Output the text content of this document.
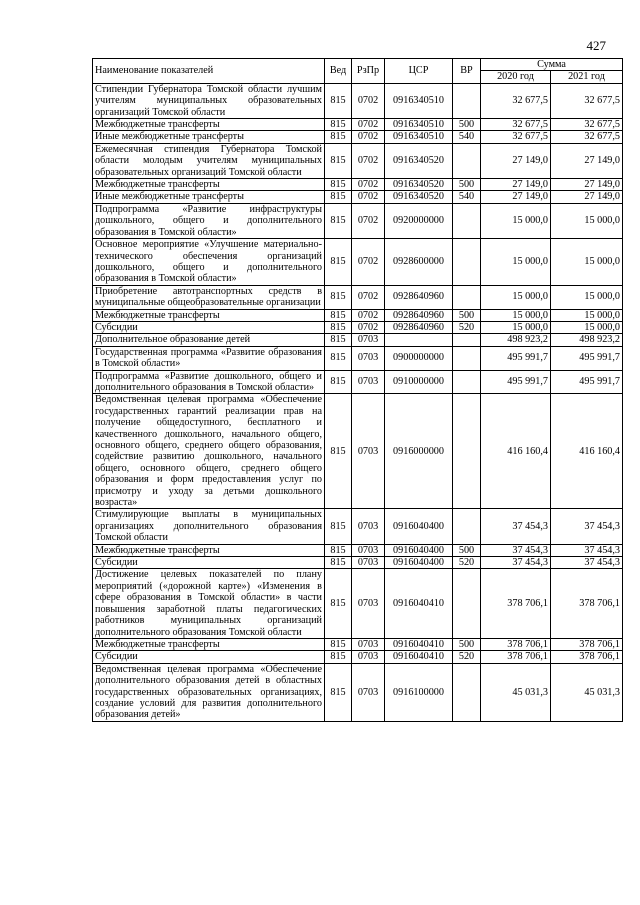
427
Наименование показателей	Вед	РзПр	ЦСР	ВР	Сумма	
					2020 год	2021 год
Стипендии Губернатора Томской области лучшим учителям муниципальных образовательных организаций Томской области	815	0702	0916340510		32 677,5	32 677,5
Межбюджетные трансферты	815	0702	0916340510	500	32 677,5	32 677,5
Иные межбюджетные трансферты	815	0702	0916340510	540	32 677,5	32 677,5
Ежемесячная стипендия Губернатора Томской области молодым учителям муниципальных образовательных организаций Томской области	815	0702	0916340520		27 149,0	27 149,0
Межбюджетные трансферты	815	0702	0916340520	500	27 149,0	27 149,0
Иные межбюджетные трансферты	815	0702	0916340520	540	27 149,0	27 149,0
Подпрограмма «Развитие инфраструктуры дошкольного, общего и дополнительного образования в Томской области»	815	0702	0920000000		15 000,0	15 000,0
Основное мероприятие «Улучшение материально-технического обеспечения организаций дошкольного, общего и дополнительного образования в Томской области»	815	0702	0928600000		15 000,0	15 000,0
Приобретение автотранспортных средств в муниципальные общеобразовательные организации	815	0702	0928640960		15 000,0	15 000,0
Межбюджетные трансферты	815	0702	0928640960	500	15 000,0	15 000,0
Субсидии	815	0702	0928640960	520	15 000,0	15 000,0
Дополнительное образование детей	815	0703			498 923,2	498 923,2
Государственная программа «Развитие образования в Томской области»	815	0703	0900000000		495 991,7	495 991,7
Подпрограмма «Развитие дошкольного, общего и дополнительного образования в Томской области»	815	0703	0910000000		495 991,7	495 991,7
Ведомственная целевая программа «Обеспечение государственных гарантий реализации прав на получение общедоступного, бесплатного и качественного дошкольного, начального общего, основного общего, среднего общего образования, содействие развитию дошкольного, начального общего, основного общего, среднего общего образования и форм предоставления услуг по присмотру и уходу за детьми дошкольного возраста»	815	0703	0916000000		416 160,4	416 160,4
Стимулирующие выплаты в муниципальных организациях дополнительного образования Томской области	815	0703	0916040400		37 454,3	37 454,3
Межбюджетные трансферты	815	0703	0916040400	500	37 454,3	37 454,3
Субсидии	815	0703	0916040400	520	37 454,3	37 454,3
Достижение целевых показателей по плану мероприятий («дорожной карте») «Изменения в сфере образования в Томской области» в части повышения заработной платы педагогических работников муниципальных организаций дополнительного образования Томской области	815	0703	0916040410		378 706,1	378 706,1
Межбюджетные трансферты	815	0703	0916040410	500	378 706,1	378 706,1
Субсидии	815	0703	0916040410	520	378 706,1	378 706,1
Ведомственная целевая программа «Обеспечение дополнительного образования детей в областных государственных образовательных организациях, создание условий для развития дополнительного образования детей»	815	0703	0916100000		45 031,3	45 031,3
